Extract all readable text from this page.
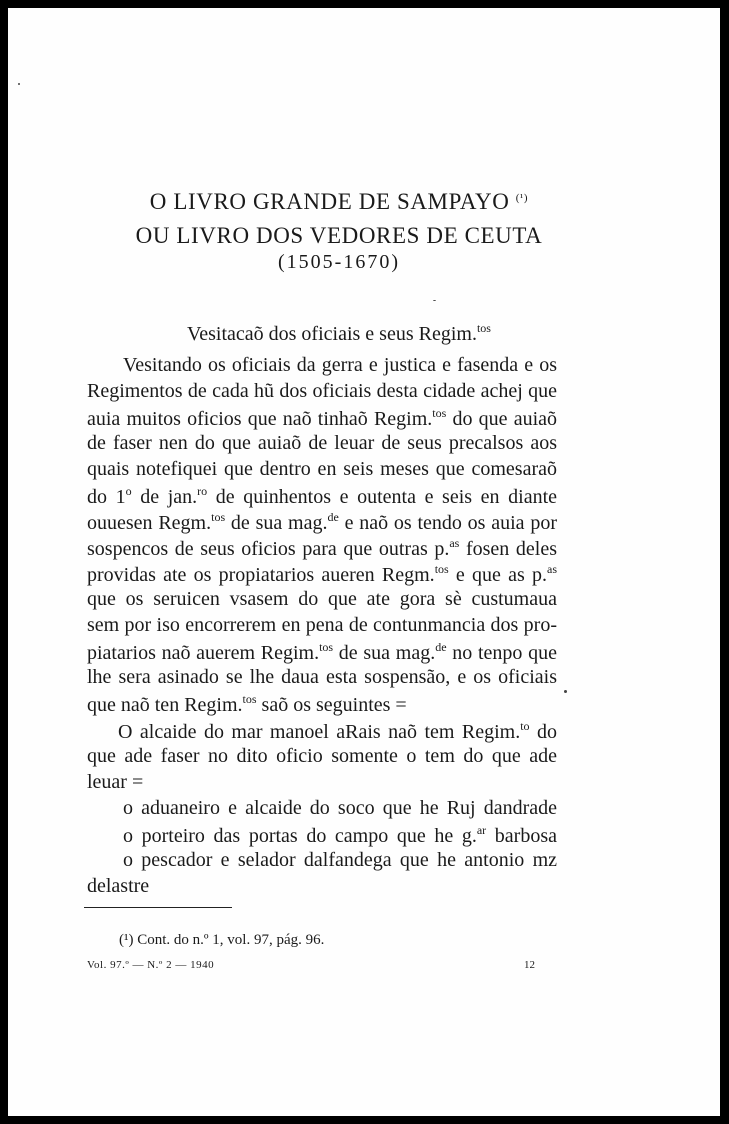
O LIVRO GRANDE DE SAMPAYO $^{(^1)}$
OU LIVRO DOS VEDORES DE CEUTA
(1505-1670)
Vesitacaõ dos oficiais e seus Regim.$^{tos}$
Vesitando os oficiais da gerra e justica e fasenda e os
Regimentos de cada hũ dos oficiais desta cidade achej que
auia muitos oficios que naõ tinhaõ Regim.$^{tos}$ do que auiaõ
de faser nen do que auiaõ de leuar de seus precalsos aos
quais notefiquei que dentro en seis meses que comesaraõ
do 1$^o$ de jan.$^{ro}$ de quinhentos e outenta e seis en diante
ouuesen Regm.$^{tos}$ de sua mag.$^{de}$ e naõ os tendo os auia por
sospencos de seus oficios para que outras p.$^{as}$ fosen deles
providas ate os propiatarios aueren Regm.$^{tos}$ e que as p.$^{as}$
que os seruicen vsasem do que ate gora sè custumaua
sem por iso encorrerem en pena de contunmancia dos pro-
piatarios naõ auerem Regim.$^{tos}$ de sua mag.$^{de}$ no tenpo que
lhe sera asinado se lhe daua esta sospensão, e os oficiais
que naõ ten Regim.$^{tos}$ saõ os seguintes =
O alcaide do mar manoel aRais naõ tem Regim.$^{to}$ do
que ade faser no dito oficio somente o tem do que ade
leuar =
o aduaneiro e alcaide do soco que he Ruj dandrade
o porteiro das portas do campo que he g.$^{ar}$ barbosa
o pescador e selador dalfandega que he antonio mz
delastre
(¹) Cont. do n.º 1, vol. 97, pág. 96.
Vol. 97.º — N.º 2 — 1940	12
